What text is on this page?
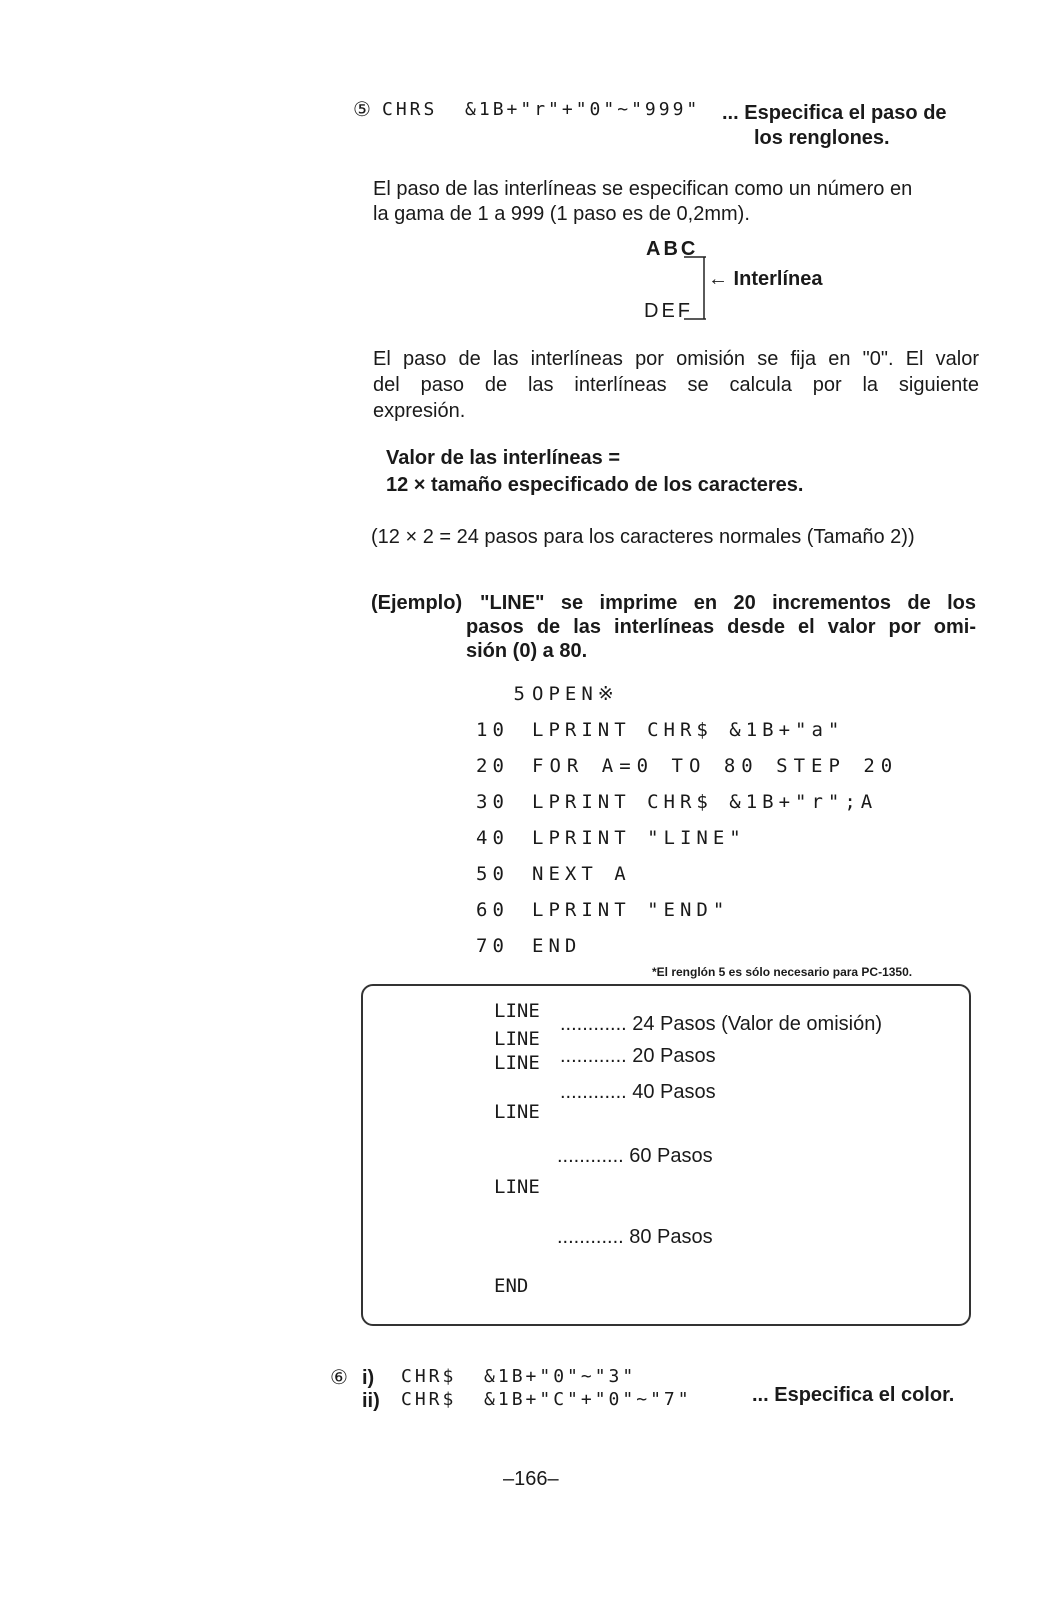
⑤ CHRS  &1B+"r"+"0"~"999" ... Especifica el paso de
los renglones.
El paso de las interlíneas se especifican como un número en
la gama de 1 a 999 (1 paso es de 0,2mm).
ABC
DEF
← Interlínea
El paso de las interlíneas por omisión se fija en "0". El valor
del paso de las interlíneas se calcula por la siguiente
expresión.
Valor de las interlíneas =
12 × tamaño especificado de los caracteres.
(12 × 2 = 24 pasos para los caracteres normales (Tamaño 2))
(Ejemplo) "LINE" se imprime en 20 incrementos de los
pasos de las interlíneas desde el valor por omi-
sión (0) a 80.
5 OPEN※
10 LPRINT CHR$ &1B+"a"
20 FOR A=0 TO 80 STEP 20
30 LPRINT CHR$ &1B+"r";A
40 LPRINT "LINE"
50 NEXT A
60 LPRINT "END"
70 END
*El renglón 5 es sólo necesario para PC-1350.
LINE
LINE
LINE
LINE
LINE
END
............ 24 Pasos (Valor de omisión)
............ 20 Pasos
............ 40 Pasos
............ 60 Pasos
............ 80 Pasos
⑥ i) CHR$  &1B+"0"~"3"
ii) CHR$  &1B+"C"+"0"~"7"	... Especifica el color.
–166–
